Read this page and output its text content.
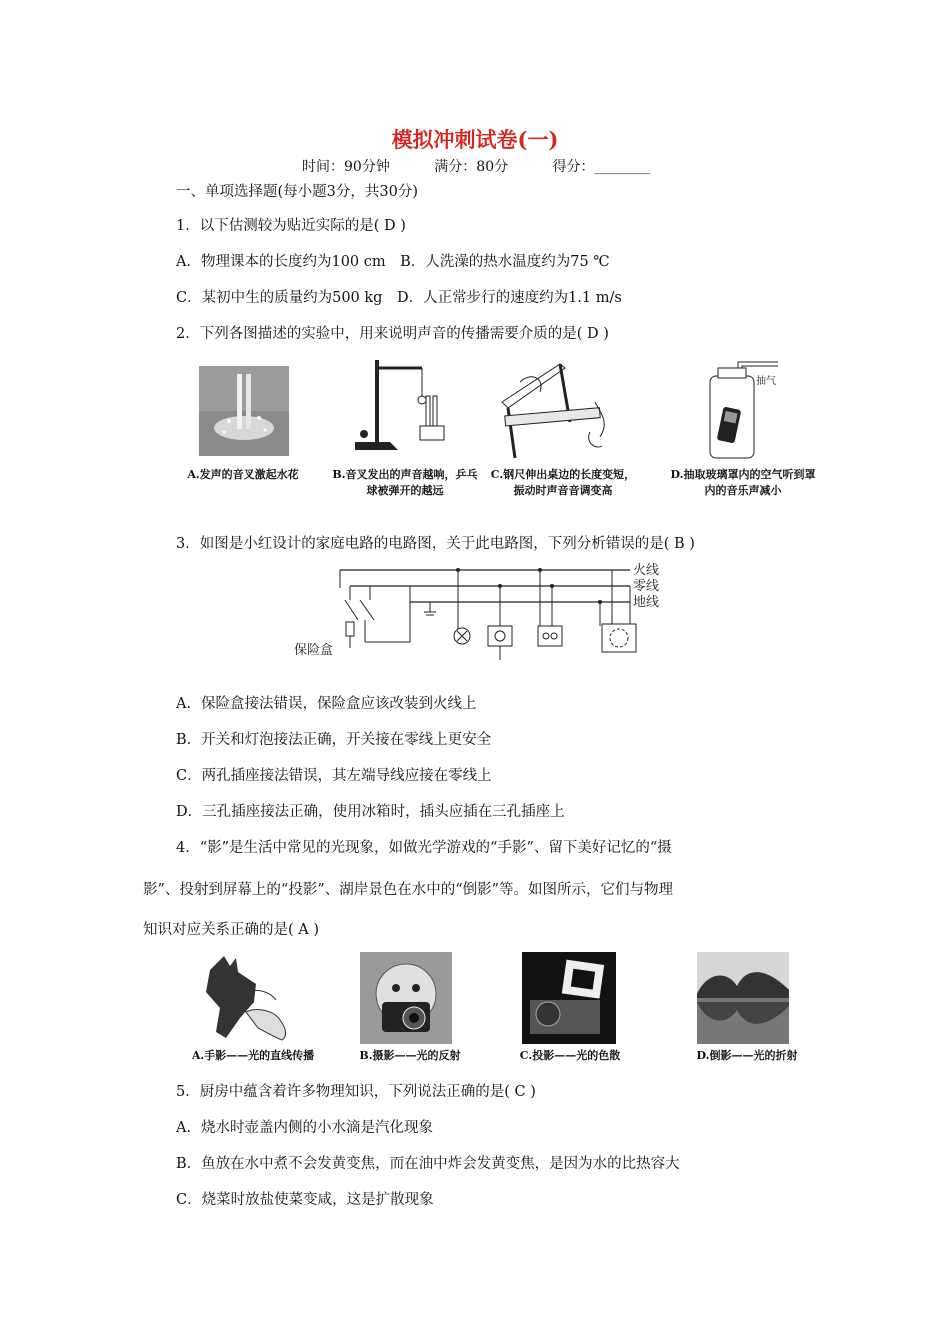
模拟冲刺试卷(一)
时间：90分钟	满分：80分	得分：________
一、单项选择题(每小题3分，共30分)
1．以下估测较为贴近实际的是( D )
A．物理课本的长度约为100 cm　B．人洗澡的热水温度约为75 ℃
C．某初中生的质量约为500 kg　D．人正常步行的速度约为1.1 m/s
2．下列各图描述的实验中，用来说明声音的传播需要介质的是( D )
抽气
A.发声的音叉激起水花	B.音叉发出的声音越响，乒乓球被弹开的越远
C.钢尺伸出桌边的长度变短，振动时声音音调变高
D.抽取玻璃罩内的空气听到罩内的音乐声减小
3．如图是小红设计的家庭电路的电路图，关于此电路图，下列分析错误的是( B )
火线
零线
地线
保险盒
A．保险盒接法错误，保险盒应该改装到火线上
B．开关和灯泡接法正确，开关接在零线上更安全
C．两孔插座接法错误，其左端导线应接在零线上
D．三孔插座接法正确，使用冰箱时，插头应插在三孔插座上
4．“影”是生活中常见的光现象，如做光学游戏的“手影”、留下美好记忆的“摄
影”、投射到屏幕上的“投影”、湖岸景色在水中的“倒影”等。如图所示，它们与物理
知识对应关系正确的是( A )
A.手影——光的直线传播	B.摄影——光的反射	C.投影——光的色散	D.倒影——光的折射
5．厨房中蕴含着许多物理知识，下列说法正确的是( C )
A．烧水时壶盖内侧的小水滴是汽化现象
B．鱼放在水中煮不会发黄变焦，而在油中炸会发黄变焦，是因为水的比热容大
C．烧菜时放盐使菜变咸，这是扩散现象
